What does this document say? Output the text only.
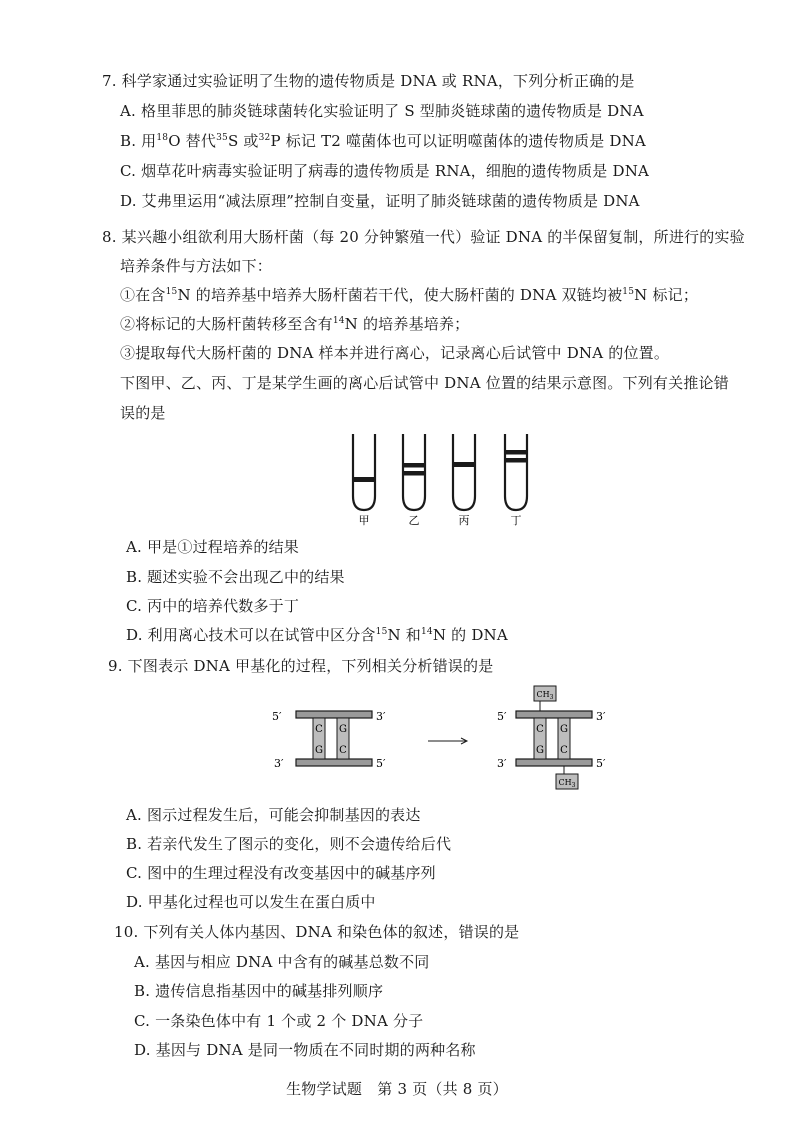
7. 科学家通过实验证明了生物的遗传物质是 DNA 或 RNA，下列分析正确的是
A. 格里菲思的肺炎链球菌转化实验证明了 S 型肺炎链球菌的遗传物质是 DNA
B. 用$^{18}$O 替代$^{35}$S 或$^{32}$P 标记 T2 噬菌体也可以证明噬菌体的遗传物质是 DNA
C. 烟草花叶病毒实验证明了病毒的遗传物质是 RNA，细胞的遗传物质是 DNA
D. 艾弗里运用“减法原理”控制自变量，证明了肺炎链球菌的遗传物质是 DNA
8. 某兴趣小组欲利用大肠杆菌（每 20 分钟繁殖一代）验证 DNA 的半保留复制，所进行的实验
培养条件与方法如下：
①在含$^{15}$N 的培养基中培养大肠杆菌若干代，使大肠杆菌的 DNA 双链均被$^{15}$N 标记；
②将标记的大肠杆菌转移至含有$^{14}$N 的培养基培养；
③提取每代大肠杆菌的 DNA 样本并进行离心，记录离心后试管中 DNA 的位置。
下图甲、乙、丙、丁是某学生画的离心后试管中 DNA 位置的结果示意图。下列有关推论错
误的是
甲	乙	丙	丁
A. 甲是①过程培养的结果
B. 题述实验不会出现乙中的结果
C. 丙中的培养代数多于丁
D. 利用离心技术可以在试管中区分含$^{15}$N 和$^{14}$N 的 DNA
9. 下图表示 DNA 甲基化的过程，下列相关分析错误的是
5′	3′
3′	5′
C
G
G
C
5′	3′
3′	5′
$CH_3$
C
G
G
C
$CH_3$
A. 图示过程发生后，可能会抑制基因的表达
B. 若亲代发生了图示的变化，则不会遗传给后代
C. 图中的生理过程没有改变基因中的碱基序列
D. 甲基化过程也可以发生在蛋白质中
10. 下列有关人体内基因、DNA 和染色体的叙述，错误的是
A. 基因与相应 DNA 中含有的碱基总数不同
B. 遗传信息指基因中的碱基排列顺序
C. 一条染色体中有 1 个或 2 个 DNA 分子
D. 基因与 DNA 是同一物质在不同时期的两种名称
生物学试题　第 3 页（共 8 页）
